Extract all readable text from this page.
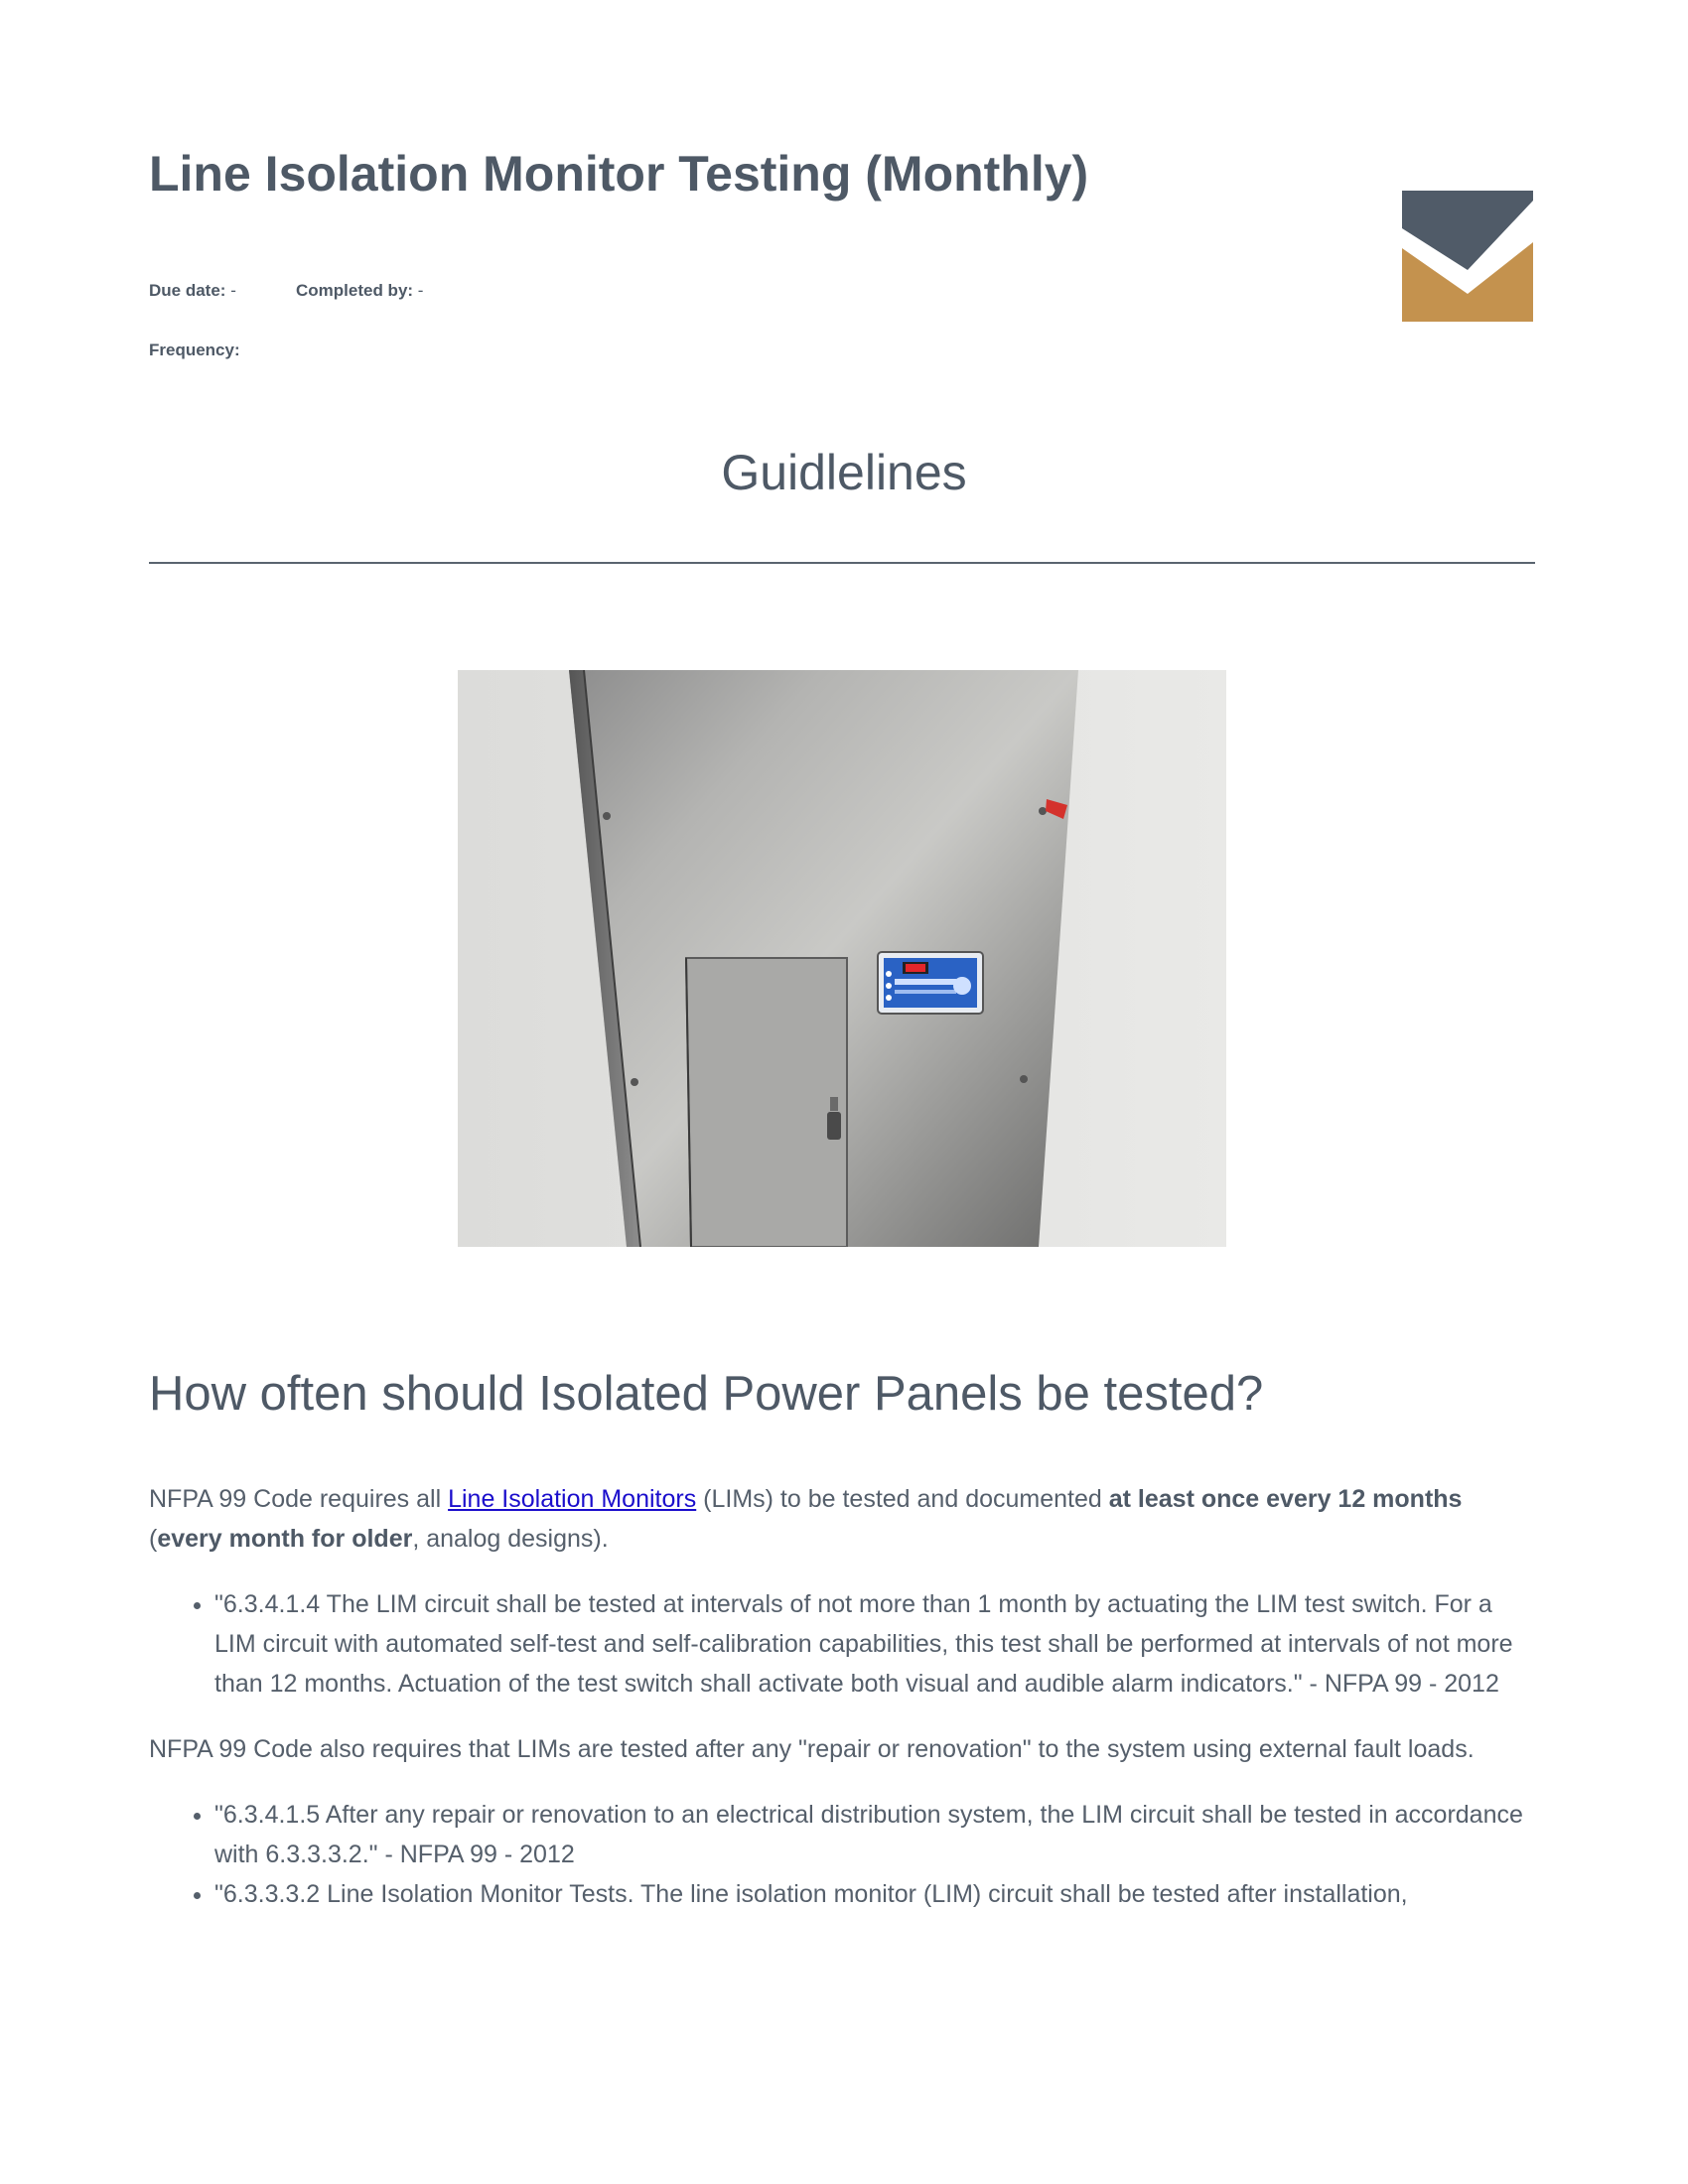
Line Isolation Monitor Testing (Monthly)
Due date: -	Completed by: -
Frequency:
Guidlelines
How often should Isolated Power Panels be tested?

NFPA 99 Code requires all Line Isolation Monitors (LIMs) to be tested and documented at least once every 12 months (every month for older, analog designs).

• "6.3.4.1.4 The LIM circuit shall be tested at intervals of not more than 1 month by actuating the LIM test switch. For a LIM circuit with automated self-test and self-calibration capabilities, this test shall be performed at intervals of not more than 12 months. Actuation of the test switch shall activate both visual and audible alarm indicators." - NFPA 99 - 2012

NFPA 99 Code also requires that LIMs are tested after any "repair or renovation" to the system using external fault loads.

• "6.3.4.1.5 After any repair or renovation to an electrical distribution system, the LIM circuit shall be tested in accordance with 6.3.3.3.2." - NFPA 99 - 2012
• "6.3.3.3.2 Line Isolation Monitor Tests. The line isolation monitor (LIM) circuit shall be tested after installation,
